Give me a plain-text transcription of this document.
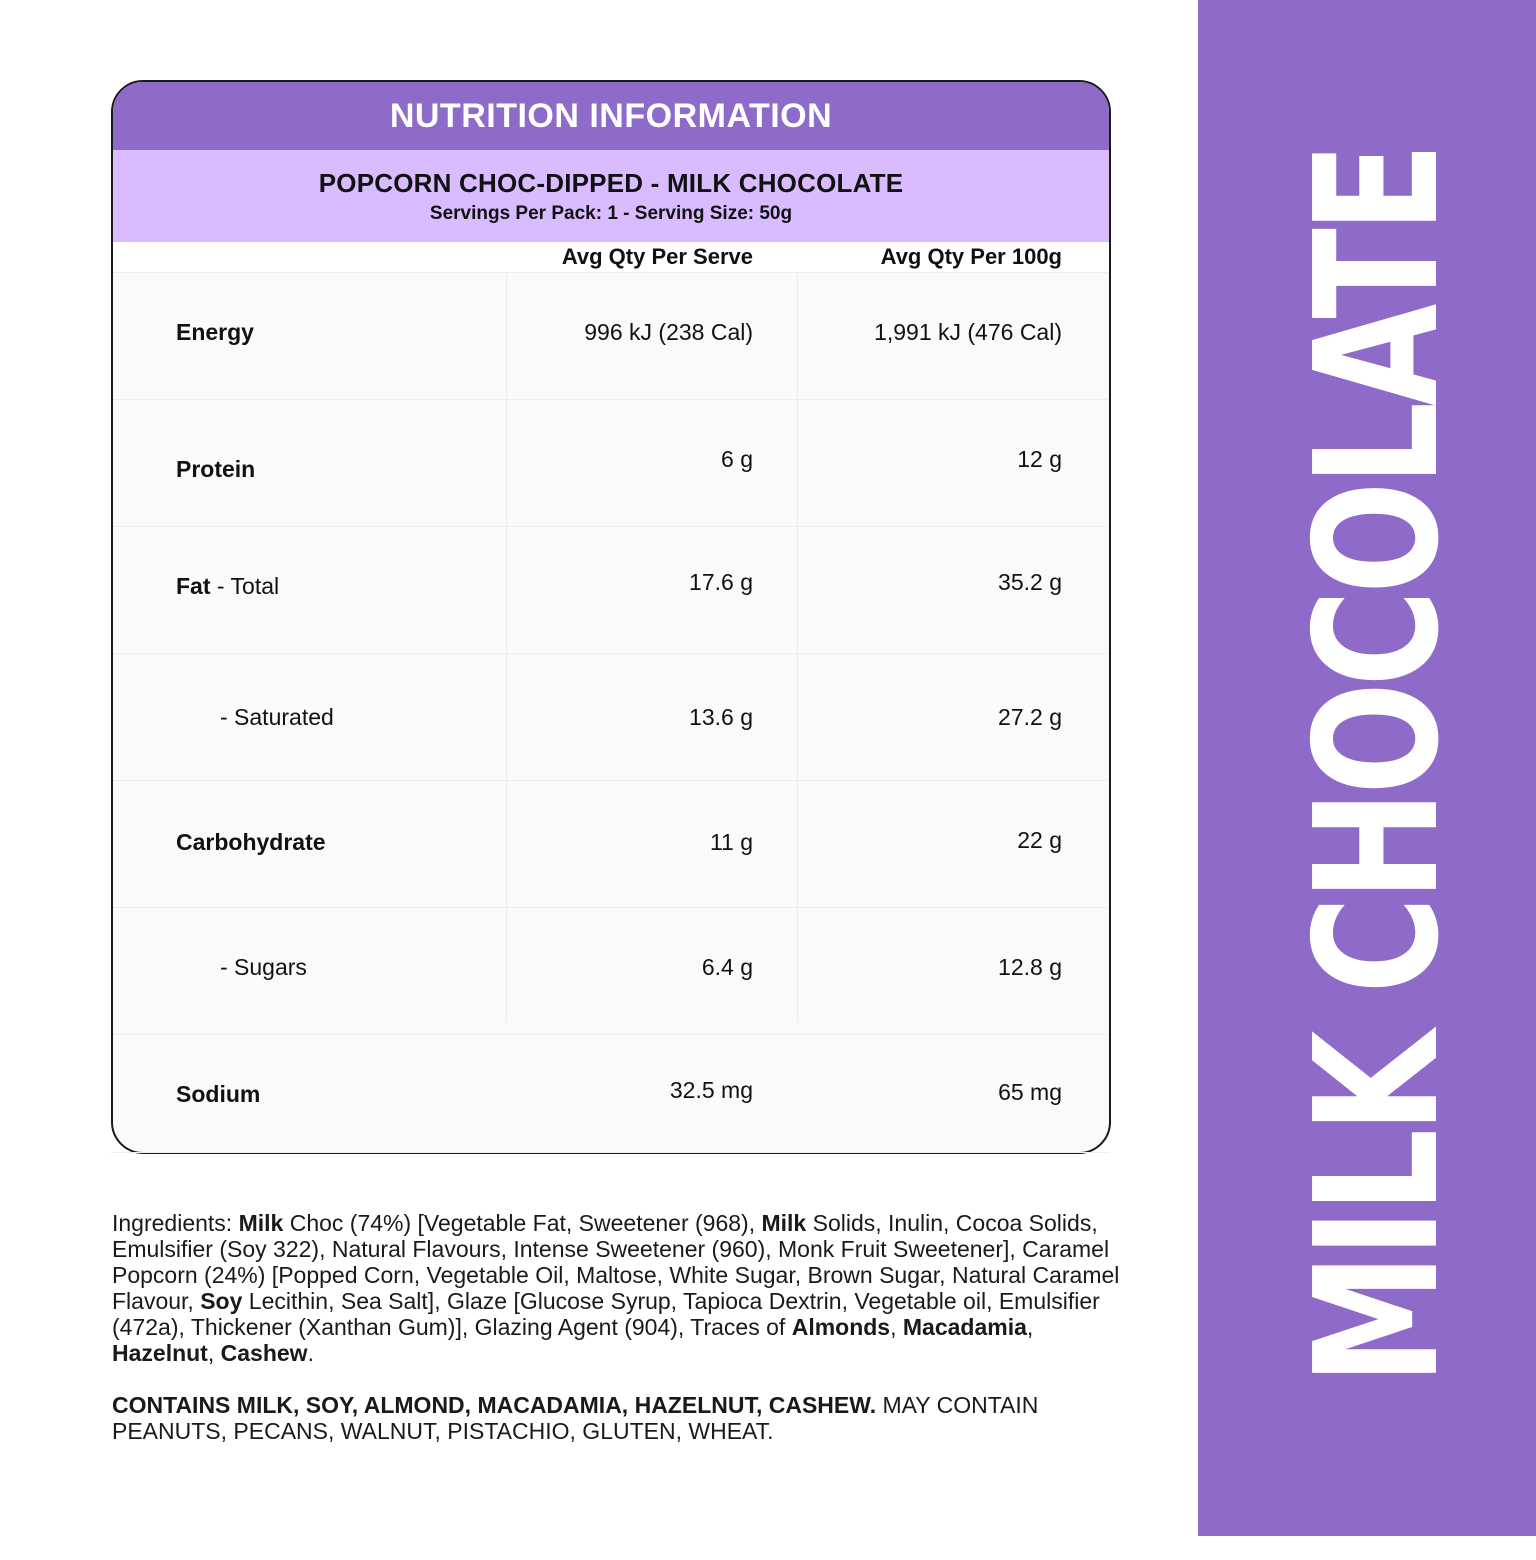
NUTRITION INFORMATION
POPCORN CHOC-DIPPED - MILK CHOCOLATE
Servings Per Pack: 1 - Serving Size: 50g
Avg Qty Per Serve	Avg Qty Per 100g
Energy	996 kJ (238 Cal)	1,991 kJ (476 Cal)
Protein	6 g	12 g
Fat - Total	17.6 g	35.2 g
- Saturated	13.6 g	27.2 g
Carbohydrate	11 g	22 g
- Sugars	6.4 g	12.8 g
Sodium	32.5 mg	65 mg
Ingredients: Milk Choc (74%) [Vegetable Fat, Sweetener (968), Milk Solids, Inulin, Cocoa Solids, Emulsifier (Soy 322), Natural Flavours, Intense Sweetener (960), Monk Fruit Sweetener], Caramel Popcorn (24%) [Popped Corn, Vegetable Oil, Maltose, White Sugar, Brown Sugar, Natural Caramel Flavour, Soy Lecithin, Sea Salt], Glaze [Glucose Syrup, Tapioca Dextrin, Vegetable oil, Emulsifier (472a), Thickener (Xanthan Gum)], Glazing Agent (904), Traces of Almonds, Macadamia, Hazelnut, Cashew.
CONTAINS MILK, SOY, ALMOND, MACADAMIA, HAZELNUT, CASHEW. MAY CONTAIN PEANUTS, PECANS, WALNUT, PISTACHIO, GLUTEN, WHEAT.
MILK CHOCOLATE
